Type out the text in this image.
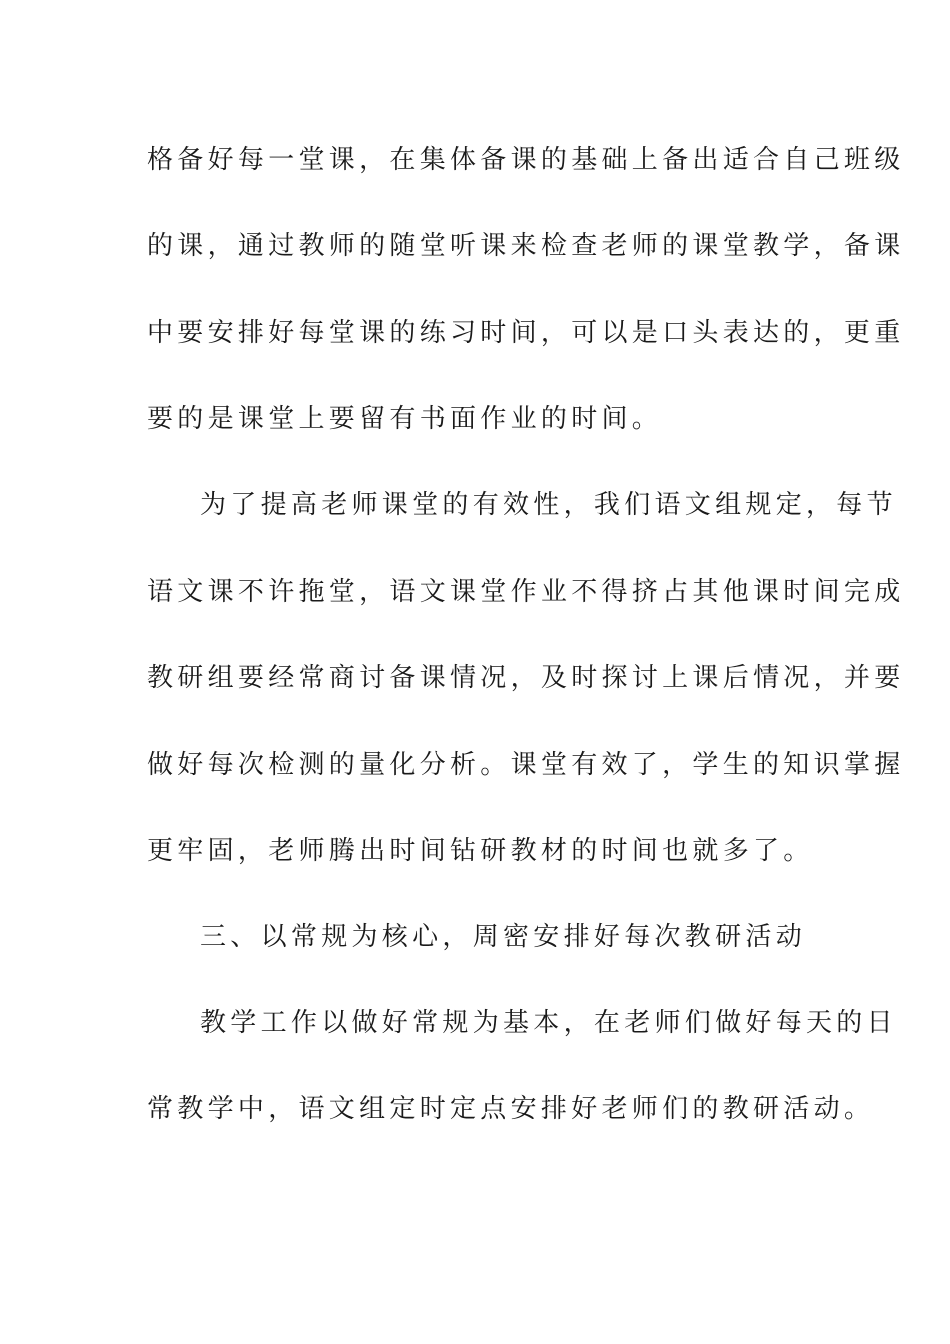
格备好每一堂课，在集体备课的基础上备出适合自己班级
的课，通过教师的随堂听课来检查老师的课堂教学，备课
中要安排好每堂课的练习时间，可以是口头表达的，更重
要的是课堂上要留有书面作业的时间。
为了提高老师课堂的有效性，我们语文组规定，每节
语文课不许拖堂，语文课堂作业不得挤占其他课时间完成
教研组要经常商讨备课情况，及时探讨上课后情况，并要
做好每次检测的量化分析。课堂有效了，学生的知识掌握
更牢固，老师腾出时间钻研教材的时间也就多了。
三、以常规为核心，周密安排好每次教研活动
教学工作以做好常规为基本，在老师们做好每天的日
常教学中，语文组定时定点安排好老师们的教研活动。
